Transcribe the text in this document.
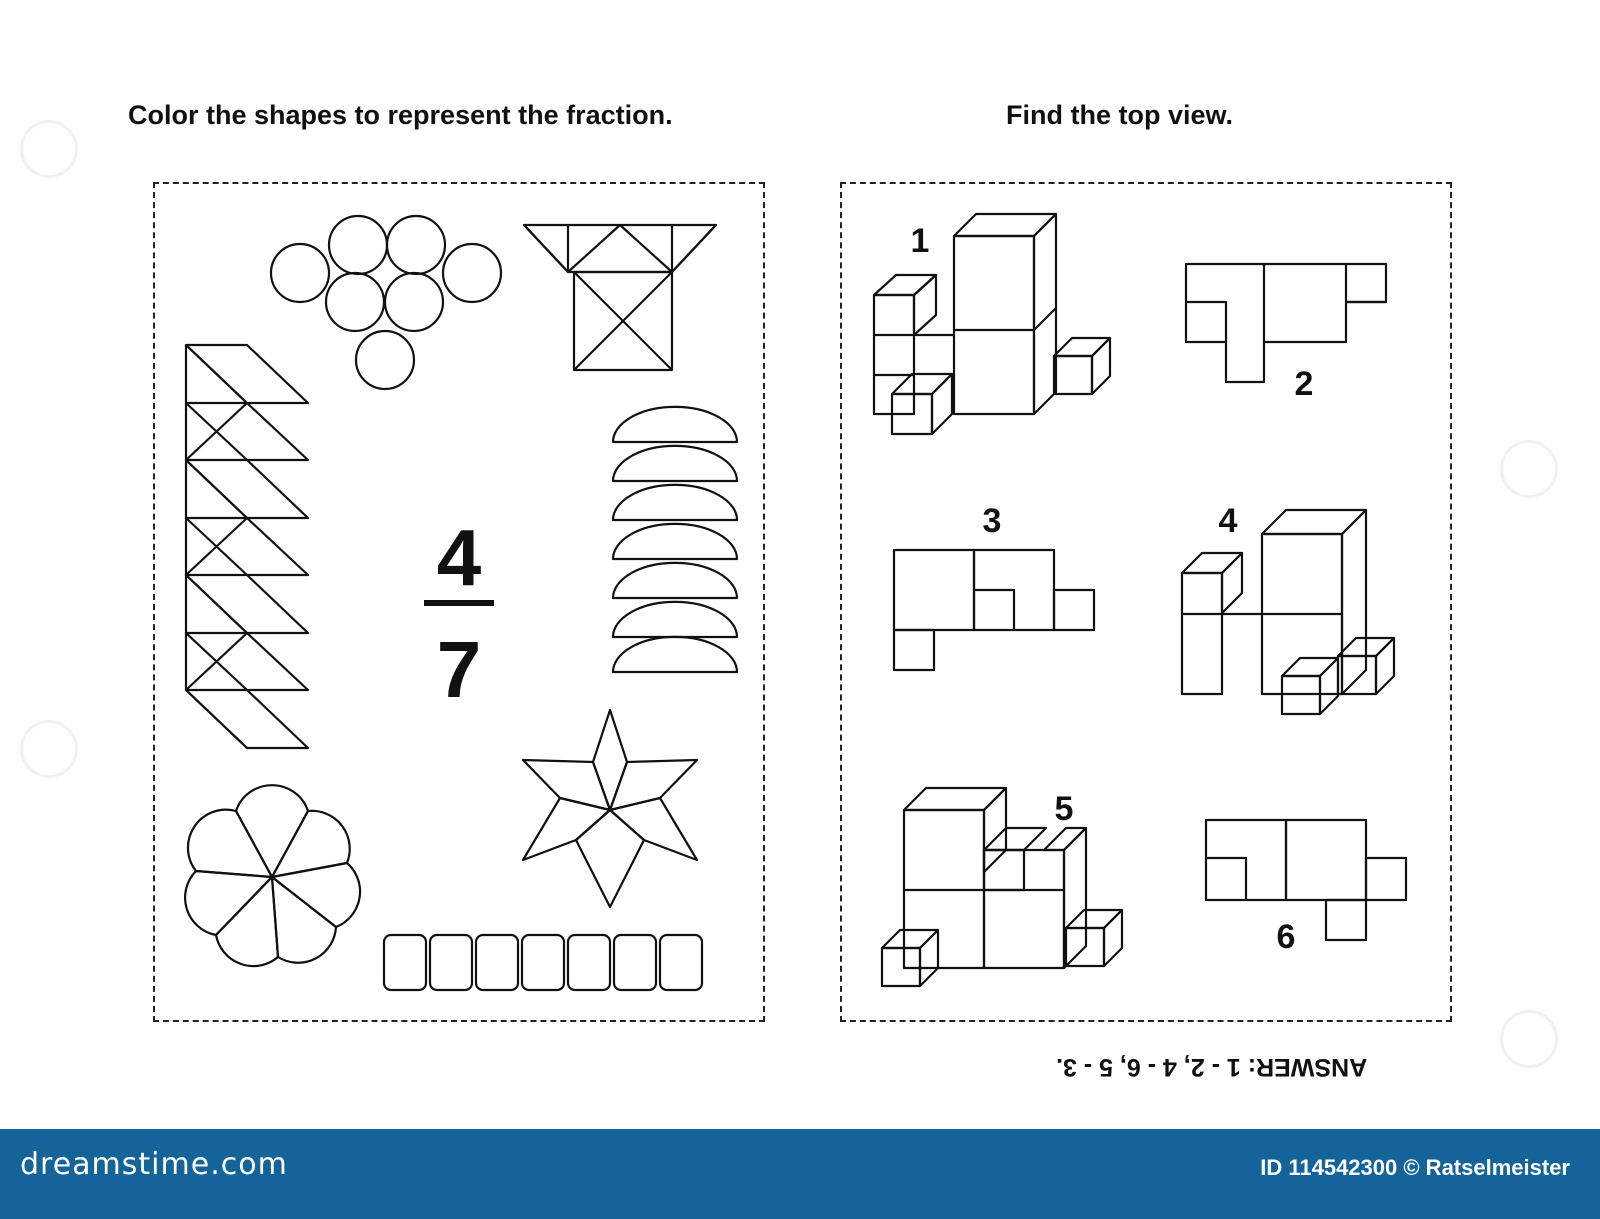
Color the shapes to represent the fraction.	Find the top view.
4
7
1
2
3	4
5
6
ANSWER: 1 - 2, 4 - 6, 5 - 3.
dreamstime.com	ID 114542300 © Ratselmeister
